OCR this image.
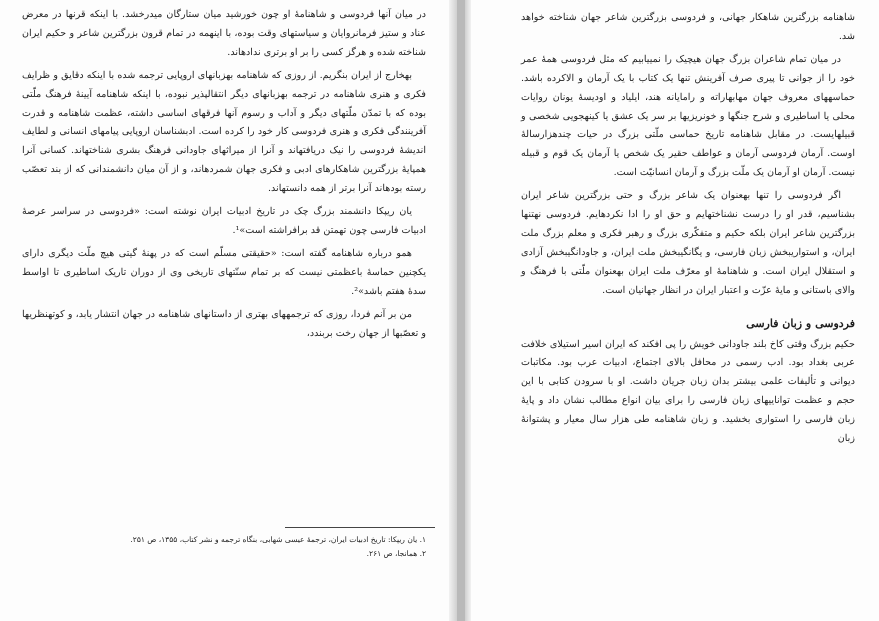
در میان آنها فردوسی و شاهنامهٔ او چون خورشید میان ستارگان میدرخشد. با اینکه قرنها در معرض عناد و ستیز فرمانروایان و سیاستهای وقت بوده، با اینهمه در تمام قرون بزرگترین شاعر و حکیم ایران شناخته شده و هرگز کسی را بر او برتری ندادهاند.

بهخارج از ایران بنگریم. از روزی که شاهنامه بهزبانهای اروپایی ترجمه شده با اینکه دقایق و ظرایف فکری و هنری شاهنامه در ترجمه بهزبانهای دیگر انتقالپذیر نبوده، با اینکه شاهنامه آیینهٔ فرهنگ ملّتی بوده که با تمدّن ملّتهای دیگر و آداب و رسوم آنها فرقهای اساسی داشته، عظمت شاهنامه و قدرت آفرینندگی فکری و هنری فردوسی کار خود را کرده است. ادبشناسان اروپایی پیامهای انسانی و لطایف اندیشهٔ فردوسی را نیک دریافتهاند و آنرا از میراثهای جاودانی فرهنگ بشری شناختهاند. کسانی آنرا همپایهٔ بزرگترین شاهکارهای ادبی و فکری جهان شمردهاند، و از آن میان دانشمندانی که از بند تعصّب رسته بودهاند آنرا برتر از همه دانستهاند.

یان ریپکا دانشمند بزرگ چک در تاریخ ادبیات ایران نوشته است: «فردوسی در سراسر عرصهٔ ادبیات فارسی چون تهمتن قد برافراشته است»¹.

همو درباره شاهنامه گفته است: «حقیقتی مسلّم است که در پهنهٔ گیتی هیچ ملّت دیگری دارای یکچنین حماسهٔ باعظمتی نیست که بر تمام سنّتهای تاریخی وی از دوران تاریک اساطیری تا اواسط سدهٔ هفتم باشد»².

من بر آنم فردا، روزی که ترجمههای بهتری از داستانهای شاهنامه در جهان انتشار یابد، و کوتهنظریها و تعصّبها از جهان رخت بربندد،

۱. یان ریپکا: تاریخ ادبیات ایران، ترجمهٔ عیسی شهابی، بنگاه ترجمه و نشر کتاب، ۱۳۵۵، ص ۲۵۱.
۲. همانجا، ص ۲۶۱.

شاهنامه بزرگترین شاهکار جهانی، و فردوسی بزرگترین شاعر جهان شناخته خواهد شد.

در میان تمام شاعران بزرگ جهان هیچیک را نمییابیم که مثل فردوسی همهٔ عمر خود را از جوانی تا پیری صرف آفرینش تنها یک کتاب با یک آرمان و الاکرده باشد. حماسههای معروف جهان مهابهاراته و رامایانه هند، ایلیاد و اودیسهٔ یونان روایات محلی یا اساطیری و شرح جنگها و خونریزیها بر سر یک عشق یا کینهجویی شخصی و قبیلهایست. در مقابل شاهنامه تاریخ حماسی ملّتی بزرگ در حیات چندهزارسالهٔ اوست. آرمان فردوسی آرمان و عواطف حقیر یک شخص یا آرمان یک قوم و قبیله نیست. آرمان او آرمان یک ملّت بزرگ و آرمان انسانیّت است.

اگر فردوسی را تنها بهعنوان یک شاعر بزرگ و حتی بزرگترین شاعر ایران بشناسیم، قدر او را درست نشناختهایم و حق او را ادا نکردهایم. فردوسی نهتنها بزرگترین شاعر ایران بلکه حکیم و متفکّری بزرگ و رهبر فکری و معلم بزرگ ملت ایران، و استواریبخش زبان فارسی، و یگانگیبخش ملت ایران، و جاودانگیبخش آزادی و استقلال ایران است. و شاهنامهٔ او معرّف ملت ایران بهعنوان ملّتی با فرهنگ و والای باستانی و مایهٔ عزّت و اعتبار ایران در انظار جهانیان است.

فردوسی و زبان فارسی

حکیم بزرگ وقتی کاخ بلند جاودانی خویش را پی افکند که ایران اسیر استیلای خلافت عربی بغداد بود. ادب رسمی در محافل بالای اجتماع، ادبیات عرب بود. مکاتبات دیوانی و تألیفات علمی بیشتر بدان زبان جریان داشت. او با سرودن کتابی با این حجم و عظمت تواناییهای زبان فارسی را برای بیان انواع مطالب نشان داد و پایهٔ زبان فارسی را استواری بخشید. و زبان شاهنامه طی هزار سال معیار و پشتوانهٔ زبان
